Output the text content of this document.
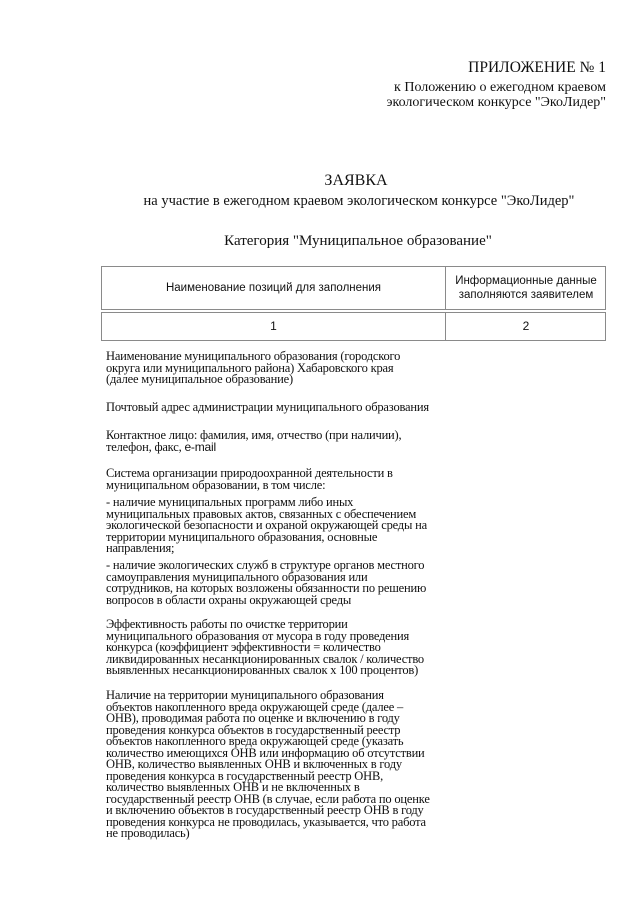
ПРИЛОЖЕНИЕ № 1
к Положению о ежегодном краевом
экологическом конкурсе "ЭкоЛидер"
ЗАЯВКА
на участие в ежегодном краевом экологическом конкурсе "ЭкоЛидер"
Категория "Муниципальное образование"
Наименование позиций для заполнения
Информационные данные
заполняются заявителем
1	2
Наименование муниципального образования (городского
округа или муниципального района) Хабаровского края
(далее муниципальное образование)
Почтовый адрес администрации муниципального образования
Контактное лицо: фамилия, имя, отчество (при наличии),
телефон, факс, e-mail
Система организации природоохранной деятельности в
муниципальном образовании, в том числе:
- наличие муниципальных программ либо иных
муниципальных правовых актов, связанных с обеспечением
экологической безопасности и охраной окружающей среды на
территории муниципального образования, основные
направления;
- наличие экологических служб в структуре органов местного
самоуправления муниципального образования или
сотрудников, на которых возложены обязанности по решению
вопросов в области охраны окружающей среды
Эффективность работы по очистке территории
муниципального образования от мусора в году проведения
конкурса (коэффициент эффективности = количество
ликвидированных несанкционированных свалок / количество
выявленных несанкционированных свалок x 100 процентов)
Наличие на территории муниципального образования
объектов накопленного вреда окружающей среде (далее –
ОНВ), проводимая работа по оценке и включению в году
проведения конкурса объектов в государственный реестр
объектов накопленного вреда окружающей среде (указать
количество имеющихся ОНВ или информацию об отсутствии
ОНВ, количество выявленных ОНВ и включенных в году
проведения конкурса в государственный реестр ОНВ,
количество выявленных ОНВ и не включенных в
государственный реестр ОНВ (в случае, если работа по оценке
и включению объектов в государственный реестр ОНВ в году
проведения конкурса не проводилась, указывается, что работа
не проводилась)
